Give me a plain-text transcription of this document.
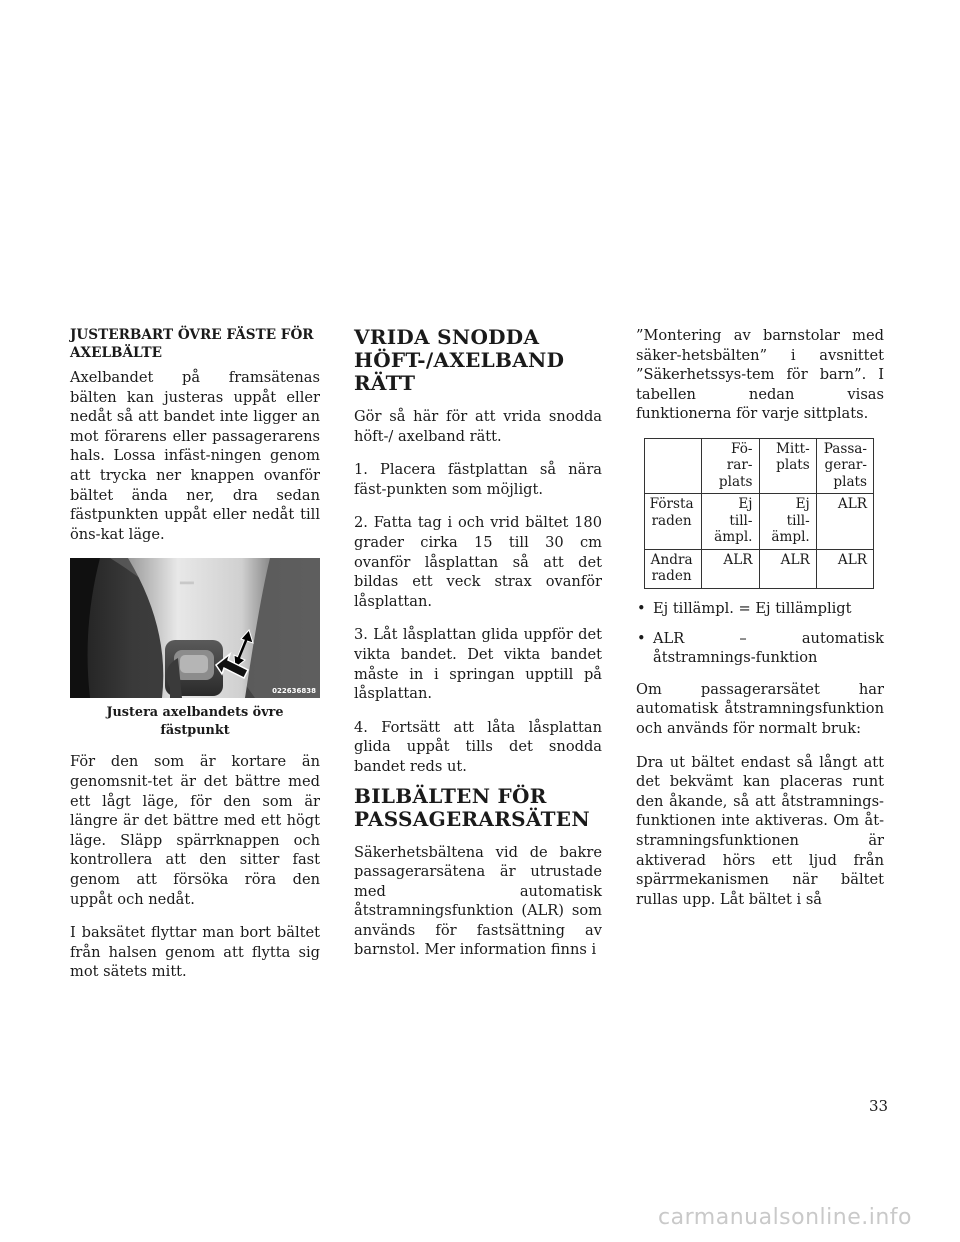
JUSTERBART ÖVRE FÄSTE FÖR AXELBÄLTE

Axelbandet på framsätenas bälten kan justeras uppåt eller nedåt så att bandet inte ligger an mot förarens eller passagerarens hals. Lossa infäst-ningen genom att trycka ner knappen ovanför bältet ända ner, dra sedan fästpunkten uppåt eller nedåt till öns-kat läge.

▂▂
022636838
Justera axelbandets övre fästpunkt

För den som är kortare än genomsnit-tet är det bättre med ett lågt läge, för den som är längre är det bättre med ett högt läge. Släpp spärrknappen och kontrollera att den sitter fast genom att försöka röra den uppåt och nedåt.

I baksätet flyttar man bort bältet från halsen genom att flytta sig mot sätets mitt.

VRIDA SNODDA HÖFT-/AXELBAND RÄTT

Gör så här för att vrida snodda höft-/ axelband rätt.

1. Placera fästplattan så nära fäst-punkten som möjligt.

2. Fatta tag i och vrid bältet 180 grader cirka 15 till 30 cm ovanför låsplattan så att det bildas ett veck strax ovanför låsplattan.

3. Låt låsplattan glida uppför det vikta bandet. Det vikta bandet måste in i springan upptill på låsplattan.

4. Fortsätt att låta låsplattan glida uppåt tills det snodda bandet reds ut.

BILBÄLTEN FÖR PASSAGERARSÄTEN

Säkerhetsbältena vid de bakre passagerarsätena är utrustade med automatisk åtstramningsfunktion (ALR) som används för fastsättning av barnstol. Mer information finns i

”Montering av barnstolar med säker-hetsbälten” i avsnittet ”Säkerhetssys-tem för barn”. I tabellen nedan visas funktionerna för varje sittplats.

	Fö-
rar-
plats	Mitt-
plats	Passa-
gerar-
plats
Första
raden	Ej
till-
ämpl.	Ej
till-
ämpl.	ALR
Andra
raden	ALR	ALR	ALR
• Ej tillämpl. = Ej tillämpligt
• ALR – automatisk åtstramnings-funktion

Om passagerarsätet har automatisk åtstramningsfunktion och används för normalt bruk:

Dra ut bältet endast så långt att det bekvämt kan placeras runt den åkande, så att åtstramnings-funktionen inte aktiveras. Om åt-stramningsfunktionen är aktiverad hörs ett ljud från spärrmekanismen när bältet rullas upp. Låt bältet i så

33
carmanualsonline.info
